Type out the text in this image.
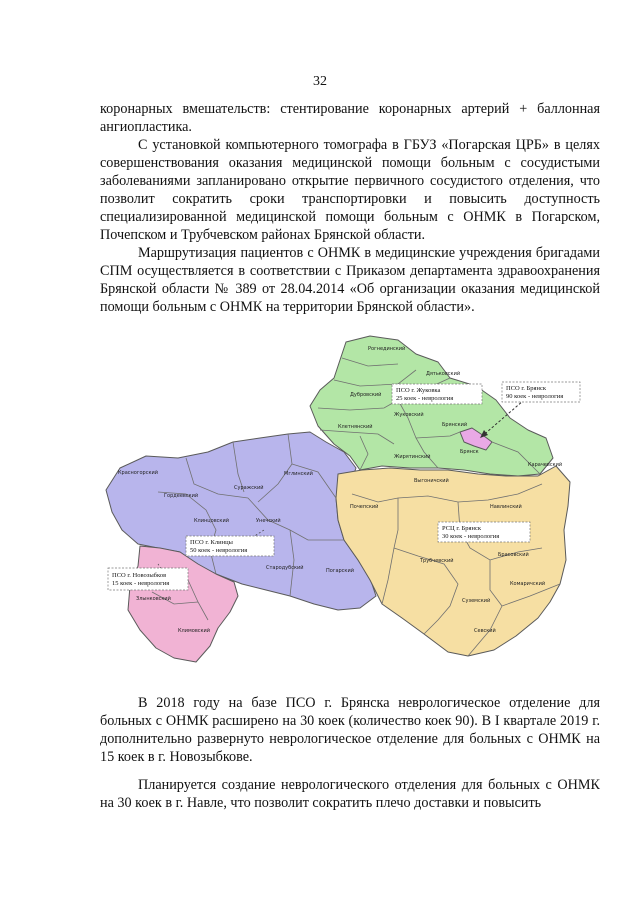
32

коронарных вмешательств: стентирование коронарных артерий + баллонная ангиопластика.

С установкой компьютерного томографа в ГБУЗ «Погарская ЦРБ» в целях совершенствования оказания медицинской помощи больным с сосудистыми заболеваниями запланировано открытие первичного сосудистого отделения, что позволит сократить сроки транспортировки и повысить доступность специализированной медицинской помощи больным с ОНМК в Погарском, Почепском и Трубчевском районах Брянской области.

Маршрутизация пациентов с ОНМК в медицинские учреждения бригадами СПМ осуществляется в соответствии с Приказом департамента здравоохранения Брянской области № 389 от 28.04.2014 «Об организации оказания медицинской помощи больным с ОНМК на территории Брянской области».

Рогнединский
Дятьковский
Дубровский
Жуковский
Клетнянский	Брянский
Брянск
Жирятинский
Карачевский
Красногорский
Гордеевский
Суражский
Мглинский
Выгоничский
Почепский	Навлинский
Клинцовский	Унечский
Стародубский	Погарский
Трубчевский
Брасовский
Комаричский
Злынковский	Суземский
Климовский	Севский
ПСО г. Жуковка
25 коек - неврология
ПСО г. Брянск
90 коек - неврология
РСЦ г. Брянск
30 коек - неврология
ПСО г. Клинцы
50 коек - неврология
ПСО г. Новозыбков
15 коек - неврология

В 2018 году на базе ПСО г. Брянска неврологическое отделение для больных с ОНМК расширено на 30 коек (количество коек 90). В I квартале 2019 г. дополнительно развернуто неврологическое отделение для больных с ОНМК на 15 коек в г. Новозыбкове.

Планируется создание неврологического отделения для больных с ОНМК на 30 коек в г. Навле, что позволит сократить плечо доставки и повысить
